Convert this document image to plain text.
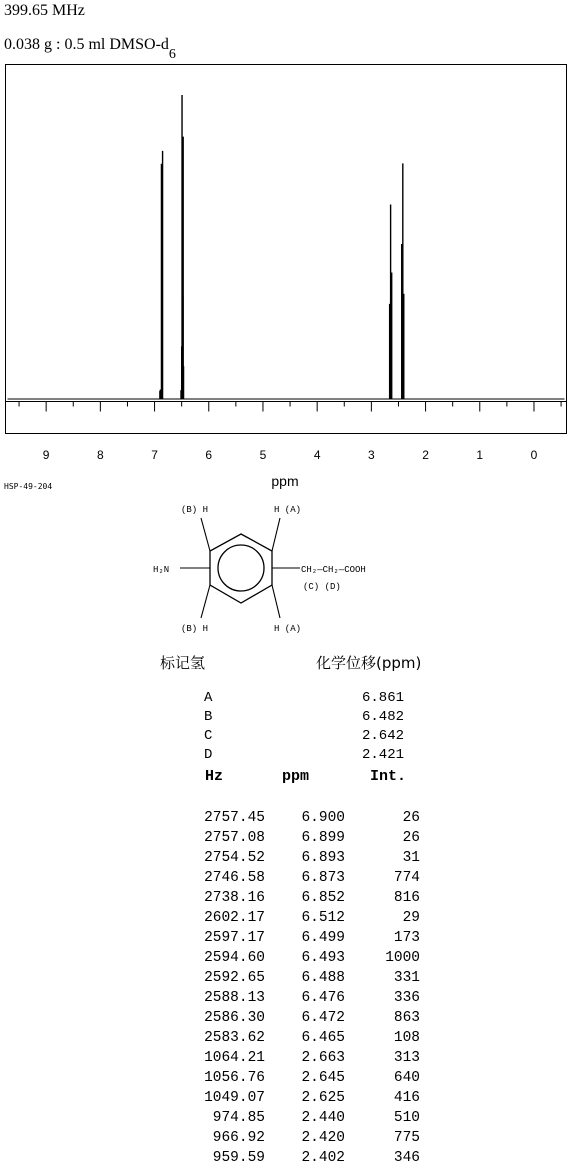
399.65 MHz
0.038 g : 0.5 ml DMSO-d6
9	8	7	6	5	4	3	2	1	0
ppm
HSP-49-204
(B) H	H (A)
(B) H	H (A)
H₂N	CH₂—CH₂—COOH
(C) (D)
标记氢	化学位移(ppm)
A	6.861
B	6.482
C	2.642
D	2.421
Hz	ppm	Int.
2757.45	6.900	26
2757.08	6.899	26
2754.52	6.893	31
2746.58	6.873	774
2738.16	6.852	816
2602.17	6.512	29
2597.17	6.499	173
2594.60	6.493	1000
2592.65	6.488	331
2588.13	6.476	336
2586.30	6.472	863
2583.62	6.465	108
1064.21	2.663	313
1056.76	2.645	640
1049.07	2.625	416
974.85	2.440	510
966.92	2.420	775
959.59	2.402	346
